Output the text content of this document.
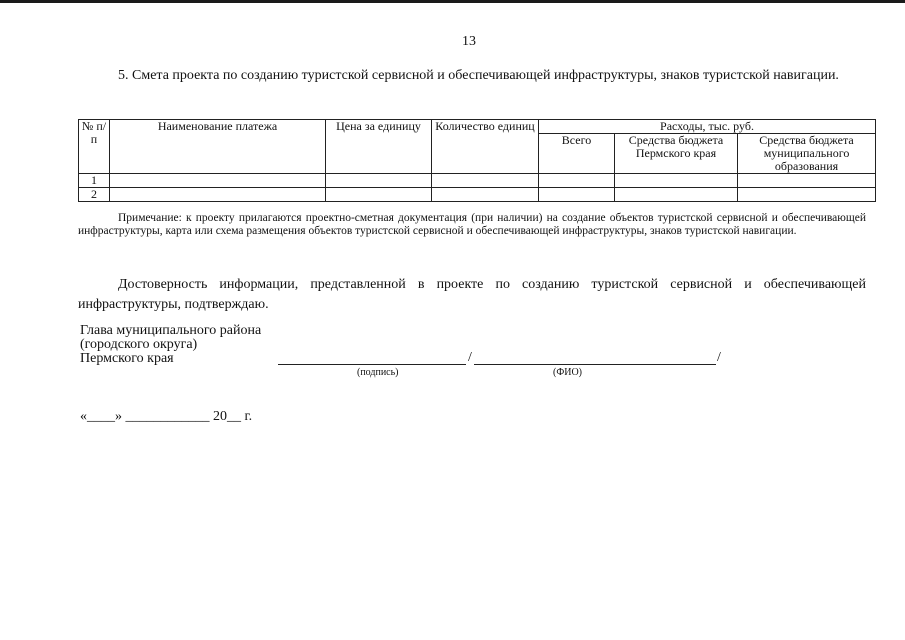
13
5. Смета проекта по созданию туристской сервисной и обеспечивающей инфраструктуры, знаков туристской навигации.
№ п/п	Наименование платежа	Цена за единицу	Количество единиц	Расходы, тыс. руб.		
				Всего	Средства бюджета Пермского края	Средства бюджета муниципального образования
1						
2						
Примечание: к проекту прилагаются проектно-сметная документация (при наличии) на создание объектов туристской сервисной и обеспечивающей инфраструктуры, карта или схема размещения объектов туристской сервисной и обеспечивающей инфраструктуры, знаков туристской навигации.
Достоверность информации, представленной в проекте по созданию туристской сервисной и обеспечивающей инфраструктуры, подтверждаю.
Глава муниципального района
(городского округа)
Пермского края	/	/
(подпись)	(ФИО)
«____» ____________ 20__ г.
